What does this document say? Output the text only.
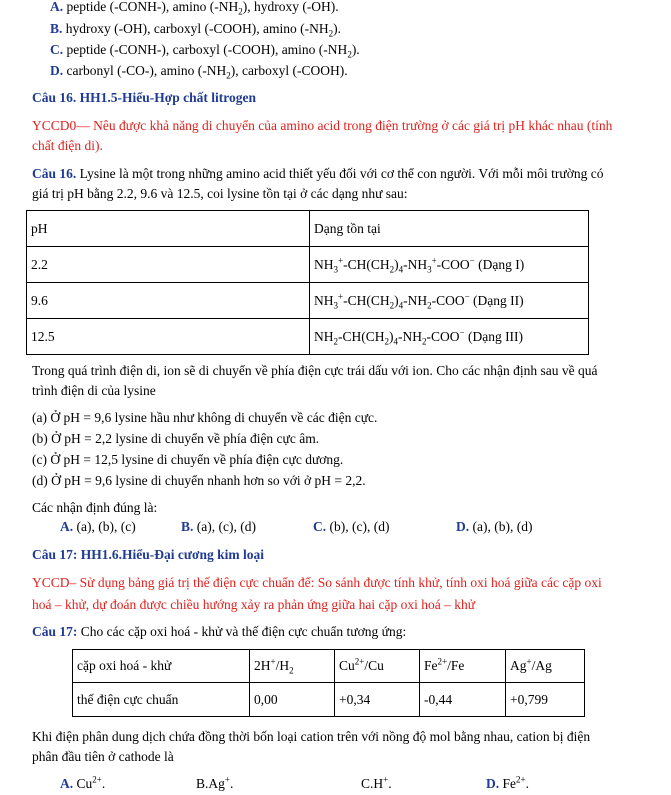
A. peptide (-CONH-), amino $(-NH_2)$, hydroxy (-OH).
B. hydroxy (-OH), carboxyl (-COOH), amino $(-NH_2)$.
C. peptide (-CONH-), carboxyl (-COOH), amino $(-NH_2)$.
D. carbonyl (-CO-), amino $(-NH_2)$, carboxyl (-COOH).
Câu 16. HH1.5-Hiểu-Hợp chất litrogen
YCCD0— Nêu được khả năng di chuyển của amino acid trong điện trường ở các giá trị pH khác nhau (tính
chất điện di).
Câu 16. Lysine là một trong những amino acid thiết yếu đối với cơ thể con người. Với mỗi môi trường có
giá trị pH bằng 2.2, 9.6 và 12.5, coi lysine tồn tại ở các dạng như sau:
pH	Dạng tồn tại
2.2	$NH_3^+-CH(CH_2)_4-NH_3^+-COO^-$ (Dạng I)
9.6	$NH_3^+-CH(CH_2)_4-NH_2-COO^-$ (Dạng II)
12.5	$NH_2-CH(CH_2)_4-NH_2-COO^-$ (Dạng III)
Trong quá trình điện di, ion sẽ di chuyển về phía điện cực trái dấu với ion. Cho các nhận định sau về quá
trình điện di của lysine
(a) Ở pH = 9,6 lysine hầu như không di chuyển về các điện cực.
(b) Ở pH = 2,2 lysine di chuyển về phía điện cực âm.
(c) Ở pH = 12,5 lysine di chuyển về phía điện cực dương.
(d) Ở pH = 9,6 lysine di chuyển nhanh hơn so với ở pH = 2,2.
Các nhận định đúng là:
A. (a), (b), (c)	B. (a), (c), (d)	C. (b), (c), (d)	D. (a), (b), (d)
Câu 17: HH1.6.Hiểu-Đại cương kim loại
YCCD– Sử dụng bảng giá trị thế điện cực chuẩn để: So sánh được tính khử, tính oxi hoá giữa các cặp oxi
hoá – khử, dự đoán được chiều hướng xảy ra phản ứng giữa hai cặp oxi hoá – khử
Câu 17: Cho các cặp oxi hoá - khử và thế điện cực chuẩn tương ứng:
cặp oxi hoá - khử	$2H^+/H_2$	$Cu^{2+}/Cu$	$Fe^{2+}/Fe$	Ag+/Ag
thế điện cực chuẩn	0,00	+0,34	-0,44	+0,799
Khi điện phân dung dịch chứa đồng thời bốn loại cation trên với nồng độ mol bằng nhau, cation bị điện
phân đầu tiên ở cathode là
A. $Cu^{2+}$.	B.Ag+.	C.H+.	D. $Fe^{2+}$.
